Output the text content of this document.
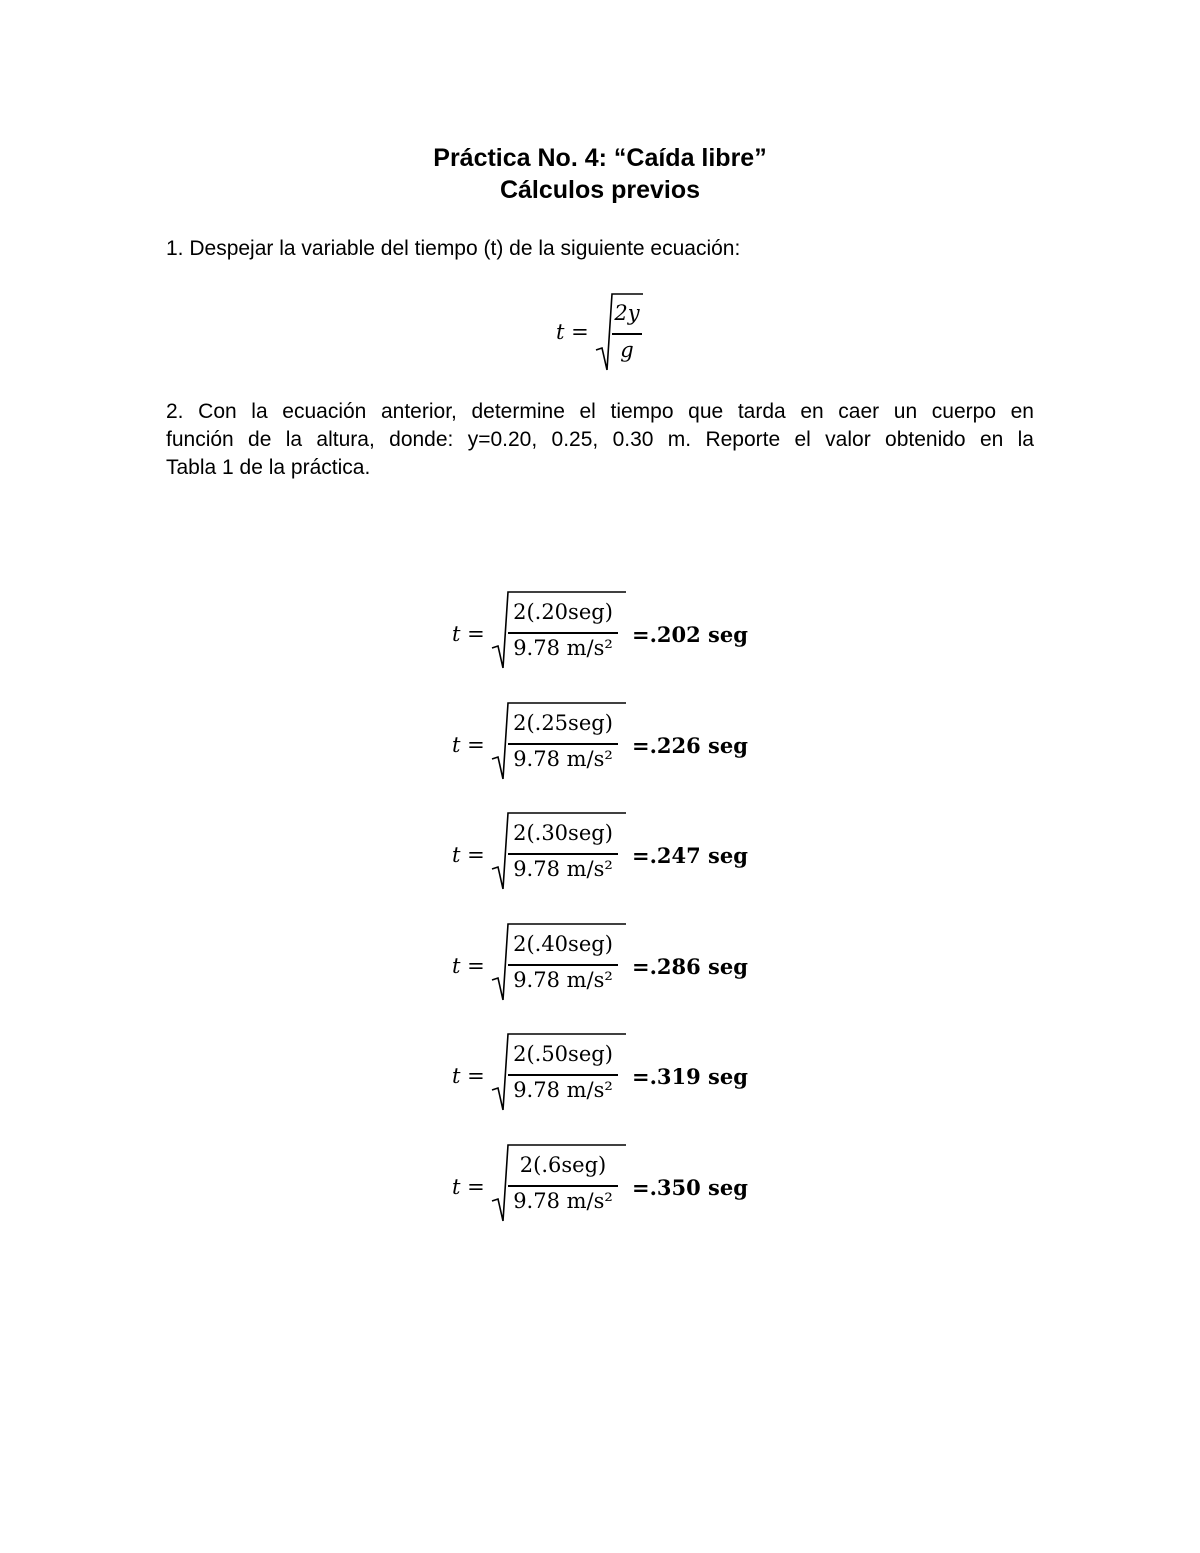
Práctica No. 4: “Caída libre”
Cálculos previos
1. Despejar la variable del tiempo (t) de la siguiente ecuación:
t =
2y
g
2. Con la ecuación anterior, determine el tiempo que tarda en caer un cuerpo en
función de la altura, donde: y=0.20, 0.25, 0.30 m. Reporte el valor obtenido en la
Tabla 1 de la práctica.
t =
2(.20seg)
9.78 m/s²
=.202 seg
t =
2(.25seg)
9.78 m/s²
=.226 seg
t =
2(.30seg)
9.78 m/s²
=.247 seg
t =
2(.40seg)
9.78 m/s²
=.286 seg
t =
2(.50seg)
9.78 m/s²
=.319 seg
t =
2(.6seg)
9.78 m/s²
=.350 seg
